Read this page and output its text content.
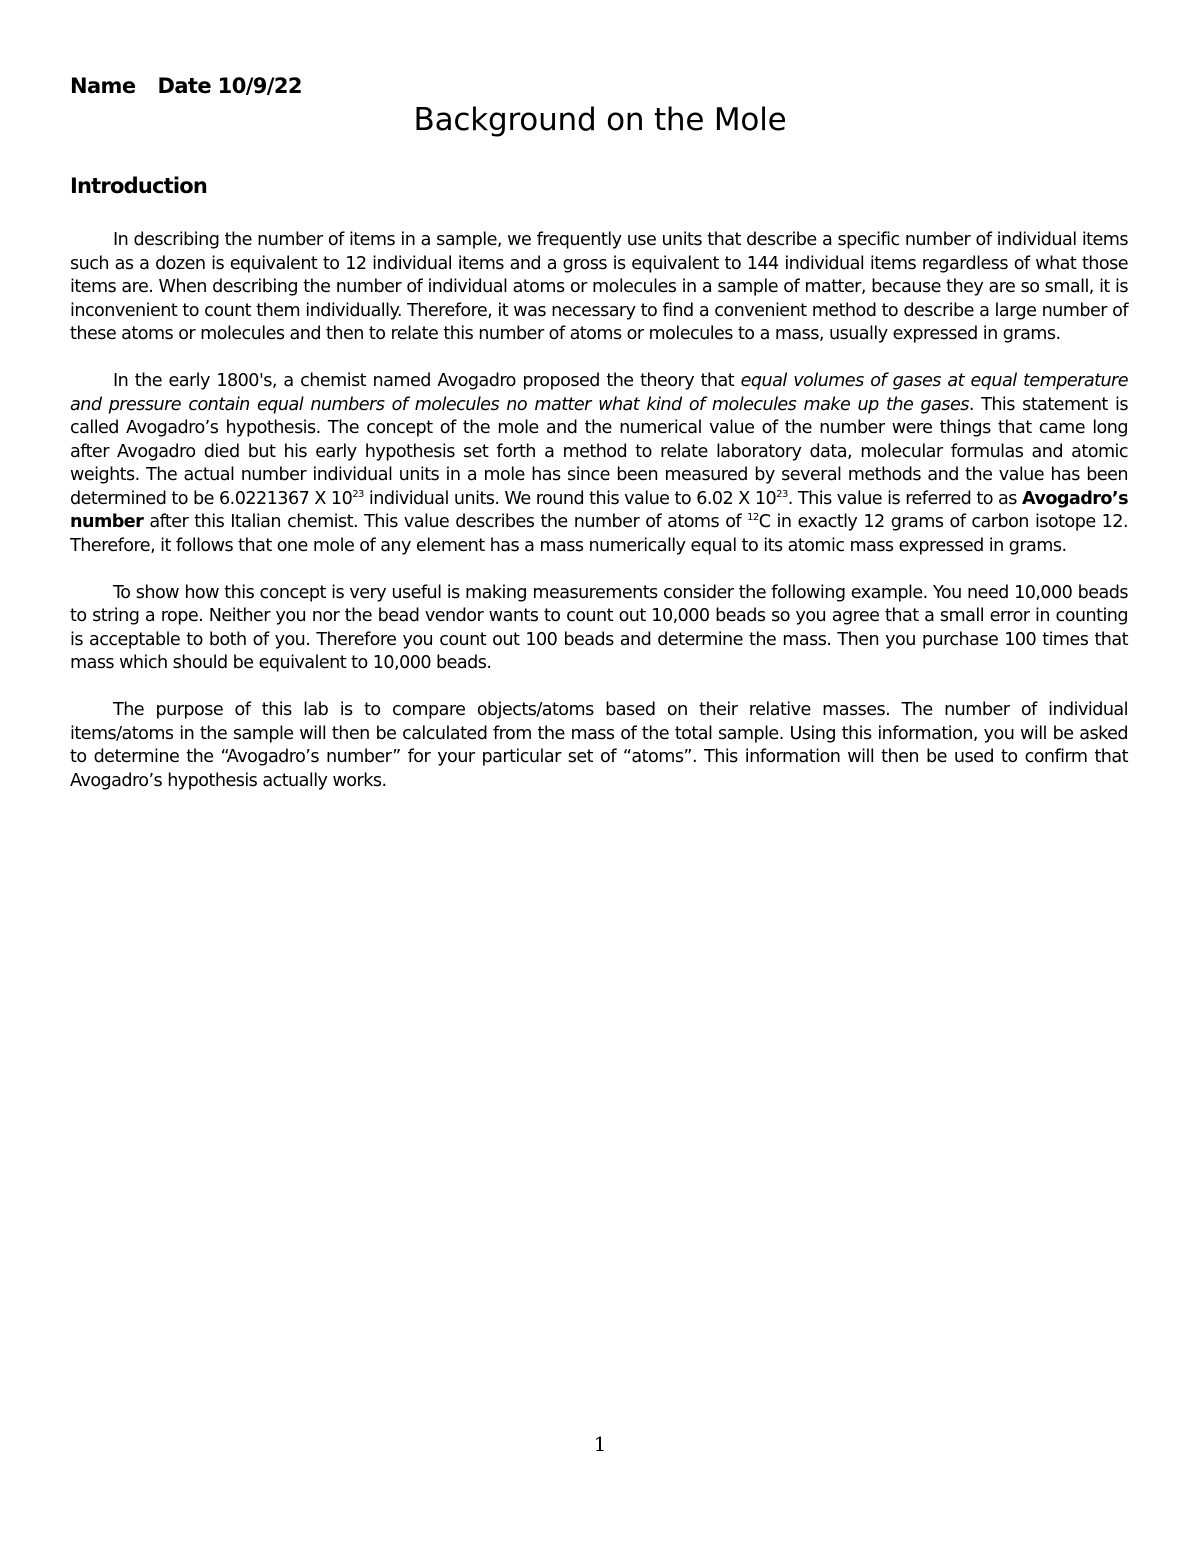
Name Date 10/9/22
Background on the Mole
Introduction

In describing the number of items in a sample, we frequently use units that describe a specific number of individual items such as a dozen is equivalent to 12 individual items and a gross is equivalent to 144 individual items regardless of what those items are. When describing the number of individual atoms or molecules in a sample of matter, because they are so small, it is inconvenient to count them individually. Therefore, it was necessary to find a convenient method to describe a large number of these atoms or molecules and then to relate this number of atoms or molecules to a mass, usually expressed in grams.

In the early 1800's, a chemist named Avogadro proposed the theory that equal volumes of gases at equal temperature and pressure contain equal numbers of molecules no matter what kind of molecules make up the gases. This statement is called Avogadro’s hypothesis. The concept of the mole and the numerical value of the number were things that came long after Avogadro died but his early hypothesis set forth a method to relate laboratory data, molecular formulas and atomic weights. The actual number individual units in a mole has since been measured by several methods and the value has been determined to be 6.0221367 X $10^{23}$ individual units. We round this value to 6.02 X $10^{23}$. This value is referred to as Avogadro’s number after this Italian chemist. This value describes the number of atoms of $^{12}$C in exactly 12 grams of carbon isotope 12. Therefore, it follows that one mole of any element has a mass numerically equal to its atomic mass expressed in grams.

To show how this concept is very useful is making measurements consider the following example. You need 10,000 beads to string a rope. Neither you nor the bead vendor wants to count out 10,000 beads so you agree that a small error in counting is acceptable to both of you. Therefore you count out 100 beads and determine the mass. Then you purchase 100 times that mass which should be equivalent to 10,000 beads.

The purpose of this lab is to compare objects/atoms based on their relative masses. The number of individual items/atoms in the sample will then be calculated from the mass of the total sample. Using this information, you will be asked to determine the “Avogadro’s number” for your particular set of “atoms”. This information will then be used to confirm that Avogadro’s hypothesis actually works.

1
